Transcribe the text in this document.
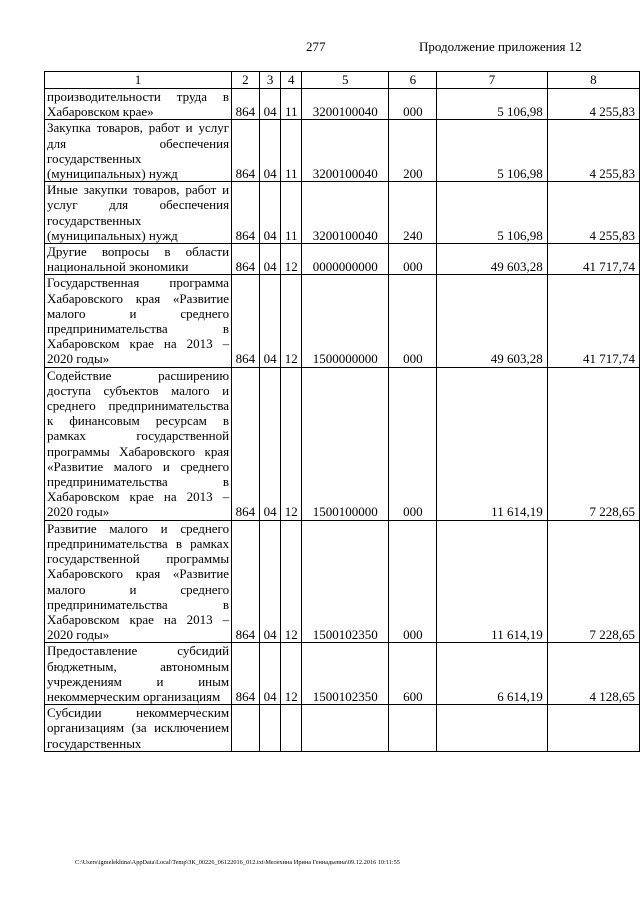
277	Продолжение приложения 12
1	2	3	4	5	6	7	8
производительности труда в Хабаровском крае»	864	04	11	3200100040	000	5 106,98	4 255,83
Закупка товаров, работ и услуг для обеспечения государственных (муниципальных) нужд	864	04	11	3200100040	200	5 106,98	4 255,83
Иные закупки товаров, работ и услуг для обеспечения государственных (муниципальных) нужд	864	04	11	3200100040	240	5 106,98	4 255,83
Другие вопросы в области национальной экономики	864	04	12	0000000000	000	49 603,28	41 717,74
Государственная программа Хабаровского края «Развитие малого и среднего предпринимательства в Хабаровском крае на 2013 – 2020 годы»	864	04	12	1500000000	000	49 603,28	41 717,74
Содействие расширению доступа субъектов малого и среднего предпринимательства к финансовым ресурсам в рамках государственной программы Хабаровского края «Развитие малого и среднего предпринимательства в Хабаровском крае на 2013 – 2020 годы»	864	04	12	1500100000	000	11 614,19	7 228,65
Развитие малого и среднего предпринимательства в рамках государственной программы Хабаровского края «Развитие малого и среднего предпринимательства в Хабаровском крае на 2013 – 2020 годы»	864	04	12	1500102350	000	11 614,19	7 228,65
Предоставление субсидий бюджетным, автономным учреждениям и иным некоммерческим организациям	864	04	12	1500102350	600	6 614,19	4 128,65
Субсидии некоммерческим организациям (за исключением государственных							
C:\Users\igmelekhina\AppData\Local\Temp\ЗК_00226_06122016_012.txt\Мелехина Ирина Геннадьевна\09.12.2016 10:11:55
